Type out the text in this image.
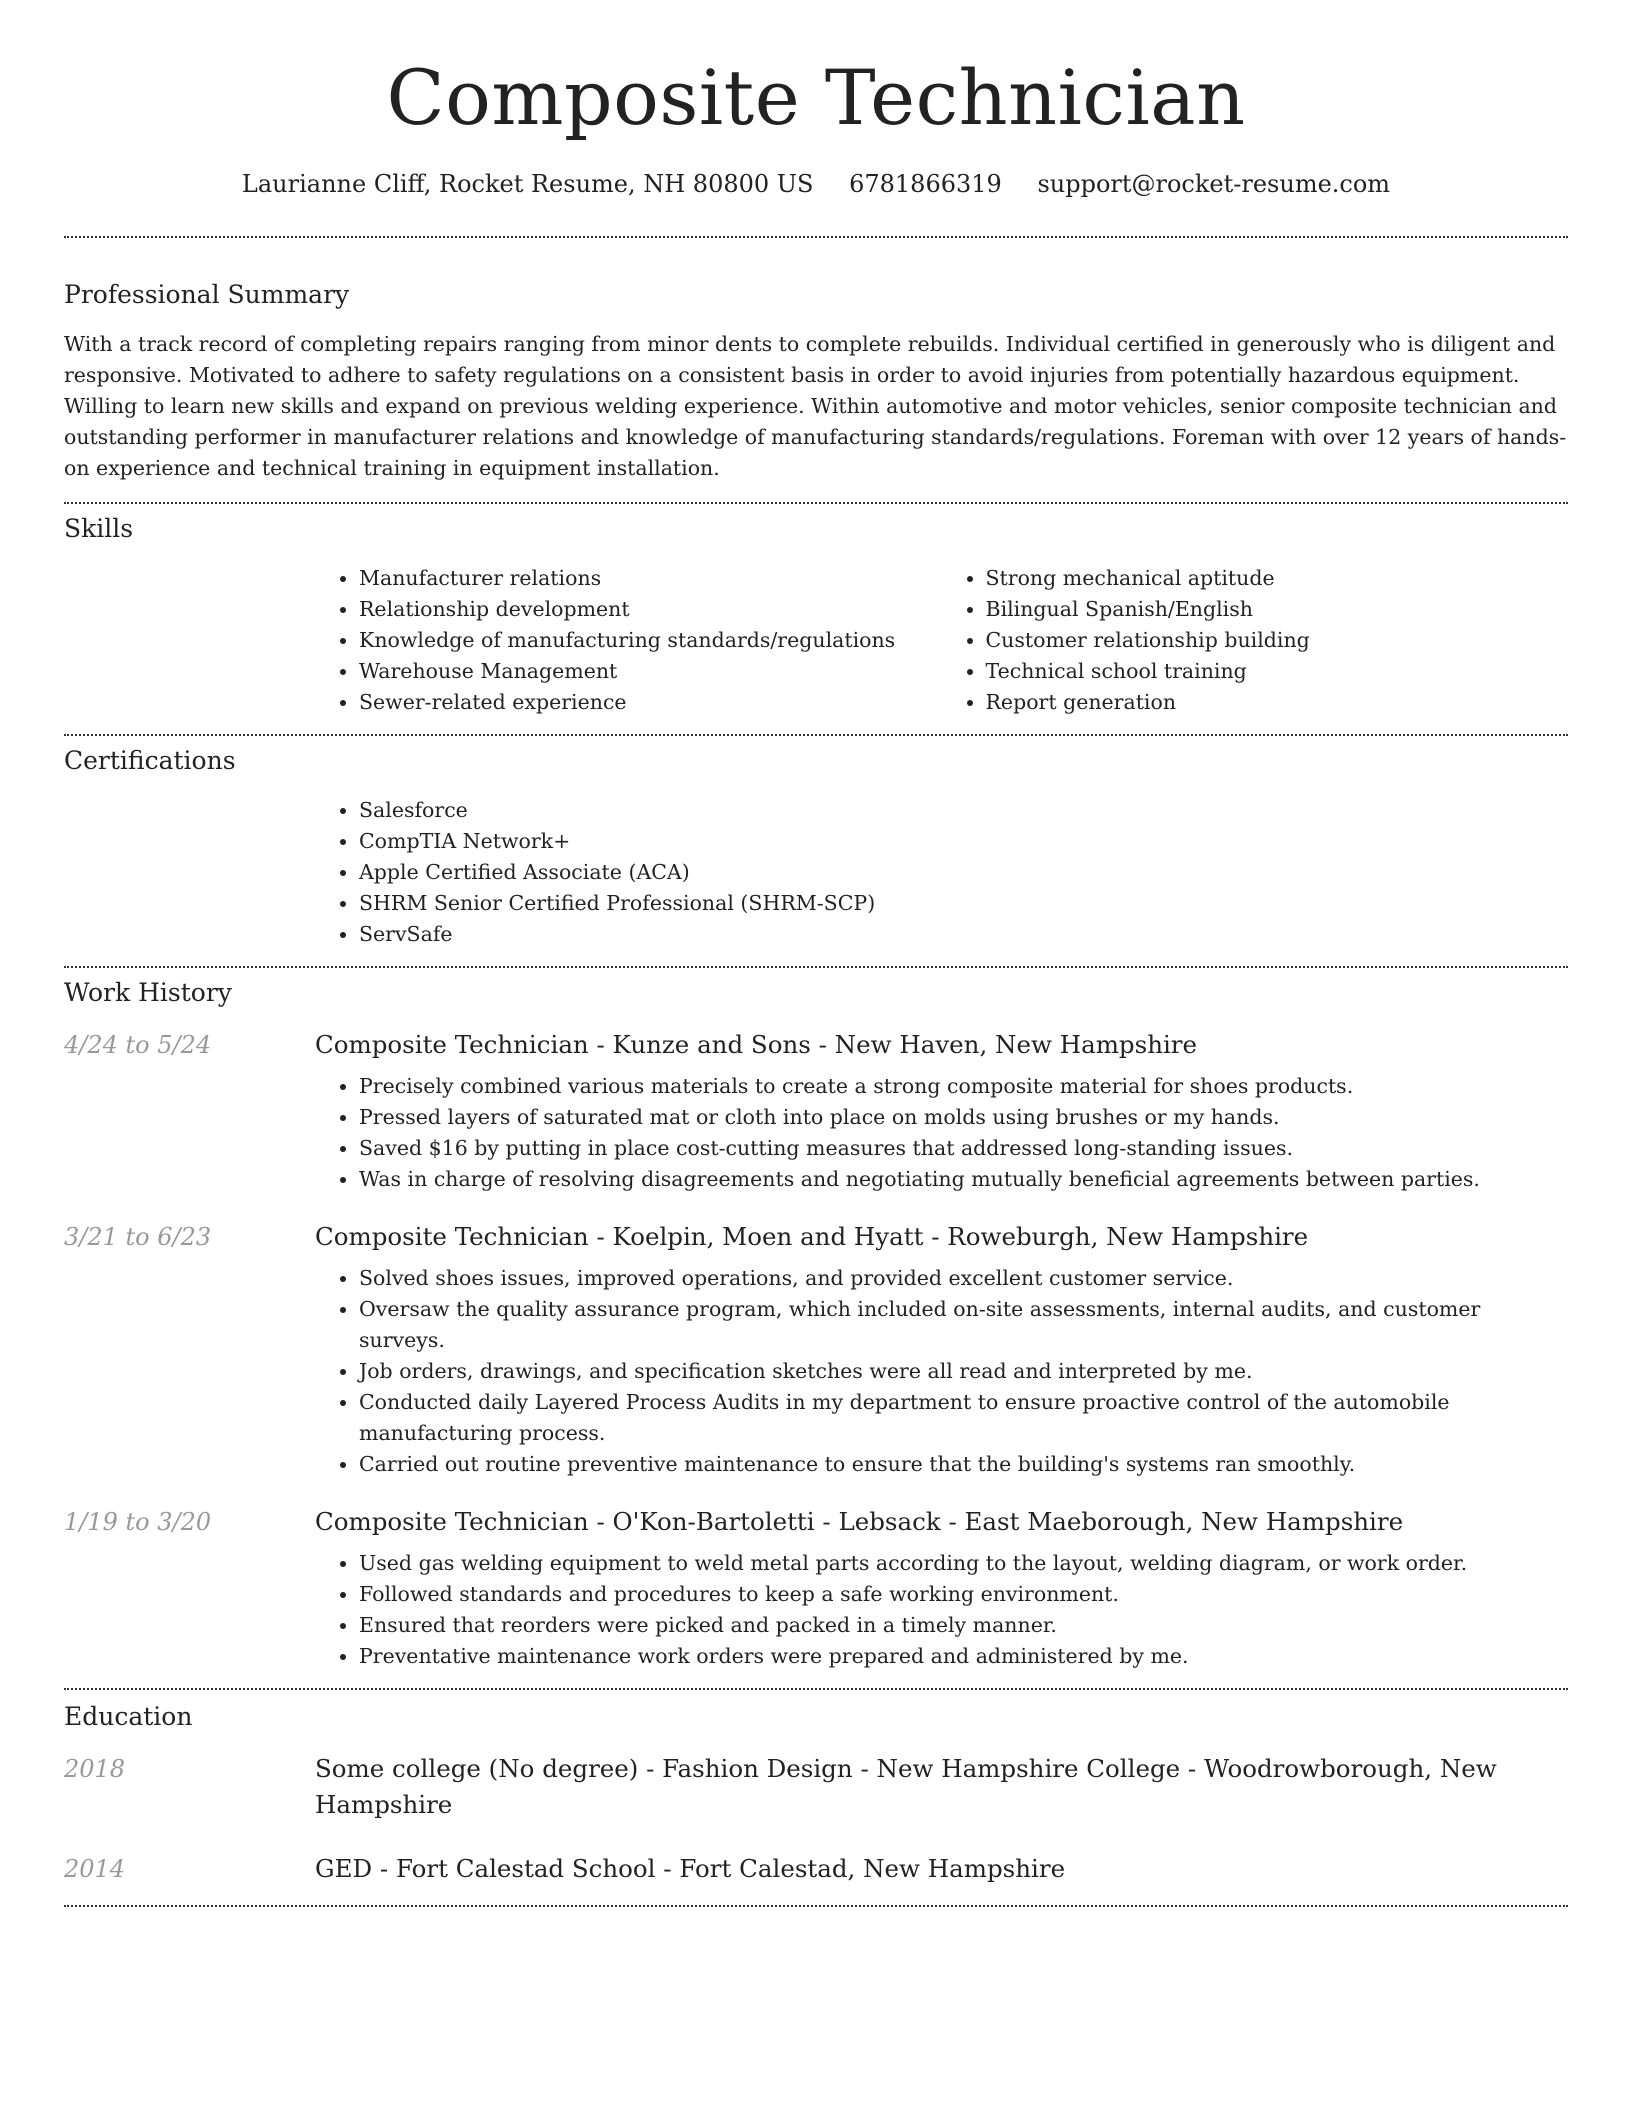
Composite Technician
Laurianne Cliff, Rocket Resume, NH 80800 US 6781866319 support@rocket-resume.com
Professional Summary

With a track record of completing repairs ranging from minor dents to complete rebuilds. Individual certified in generously who is diligent and responsive. Motivated to adhere to safety regulations on a consistent basis in order to avoid injuries from potentially hazardous equipment. Willing to learn new skills and expand on previous welding experience. Within automotive and motor vehicles, senior composite technician and outstanding performer in manufacturer relations and knowledge of manufacturing standards/regulations. Foreman with over 12 years of hands-on experience and technical training in equipment installation.

Skills
• Manufacturer relations
• Relationship development
• Knowledge of manufacturing standards/regulations
• Warehouse Management
• Sewer-related experience
• Strong mechanical aptitude
• Bilingual Spanish/English
• Customer relationship building
• Technical school training
• Report generation
Certifications
• Salesforce
• CompTIA Network+
• Apple Certified Associate (ACA)
• SHRM Senior Certified Professional (SHRM-SCP)
• ServSafe
Work History
4/24 to 5/24	Composite Technician - Kunze and Sons - New Haven, New Hampshire
• Precisely combined various materials to create a strong composite material for shoes products.
• Pressed layers of saturated mat or cloth into place on molds using brushes or my hands.
• Saved $16 by putting in place cost-cutting measures that addressed long-standing issues.
• Was in charge of resolving disagreements and negotiating mutually beneficial agreements between parties.
3/21 to 6/23	Composite Technician - Koelpin, Moen and Hyatt - Roweburgh, New Hampshire
• Solved shoes issues, improved operations, and provided excellent customer service.
• Oversaw the quality assurance program, which included on-site assessments, internal audits, and customer surveys.
• Job orders, drawings, and specification sketches were all read and interpreted by me.
• Conducted daily Layered Process Audits in my department to ensure proactive control of the automobile manufacturing process.
• Carried out routine preventive maintenance to ensure that the building's systems ran smoothly.
1/19 to 3/20	Composite Technician - O'Kon-Bartoletti - Lebsack - East Maeborough, New Hampshire
• Used gas welding equipment to weld metal parts according to the layout, welding diagram, or work order.
• Followed standards and procedures to keep a safe working environment.
• Ensured that reorders were picked and packed in a timely manner.
• Preventative maintenance work orders were prepared and administered by me.
Education
2018	Some college (No degree) - Fashion Design - New Hampshire College - Woodrowborough, New Hampshire
2014	GED - Fort Calestad School - Fort Calestad, New Hampshire
